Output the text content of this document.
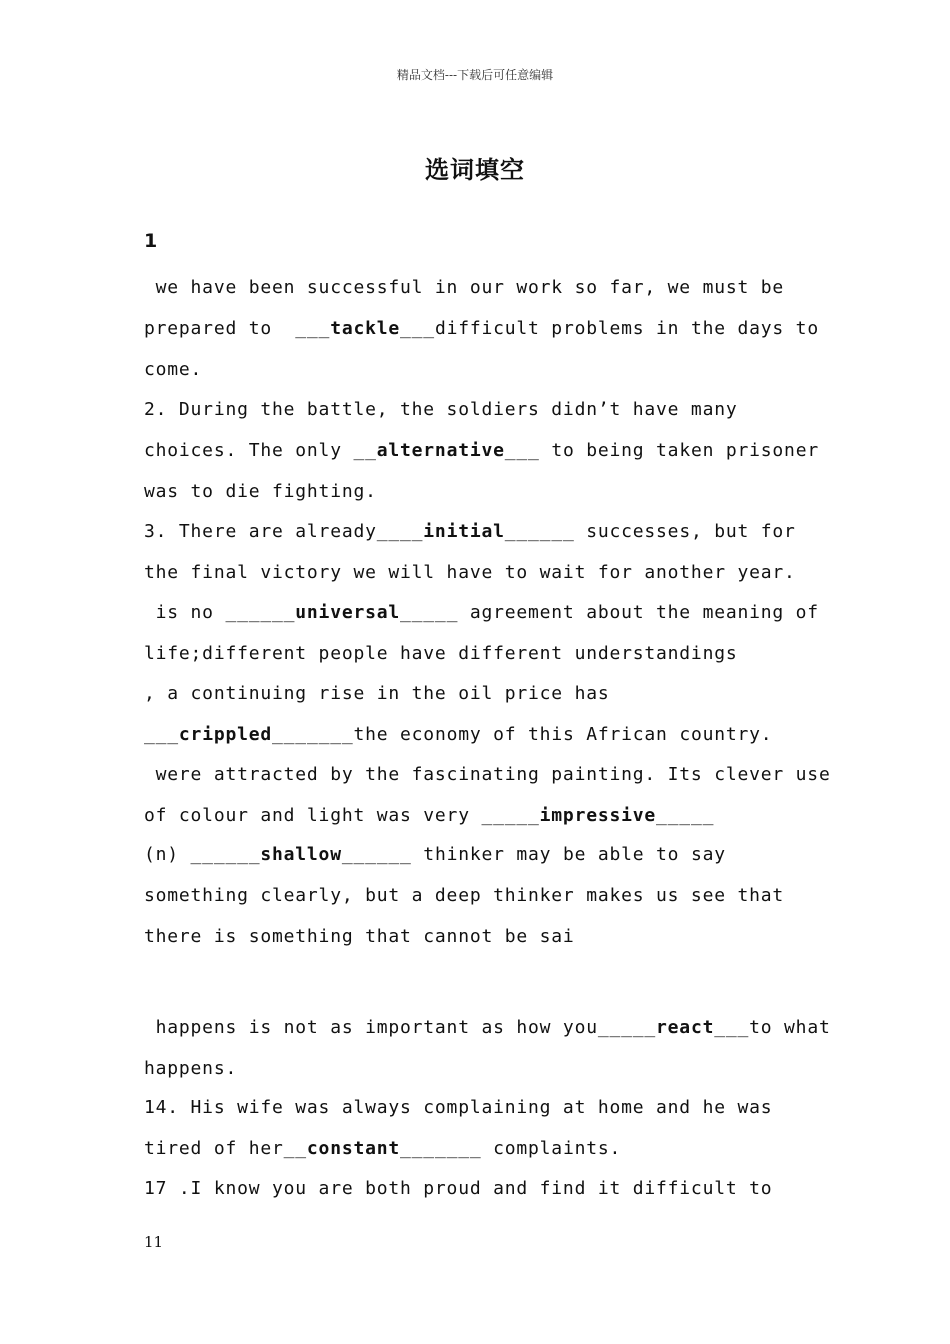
精品文档---下载后可任意编辑
选词填空
1
we have been successful in our work so far, we must be
prepared to  ___tackle___difficult problems in the days to
come.
2. During the battle, the soldiers didn’t have many
choices. The only __alternative___ to being taken prisoner
was to die fighting.
3. There are already____initial______ successes, but for
the final victory we will have to wait for another year.
is no ______universal_____ agreement about the meaning of
life;different people have different understandings
, a continuing rise in the oil price has
___crippled_______the economy of this African country.
were attracted by the fascinating painting. Its clever use
of colour and light was very _____impressive_____
(n) ______shallow______ thinker may be able to say
something clearly, but a deep thinker makes us see that
there is something that cannot be sai
happens is not as important as how you_____react___to what
happens.
14. His wife was always complaining at home and he was
tired of her__constant_______ complaints.
17 .I know you are both proud and find it difficult to
11
